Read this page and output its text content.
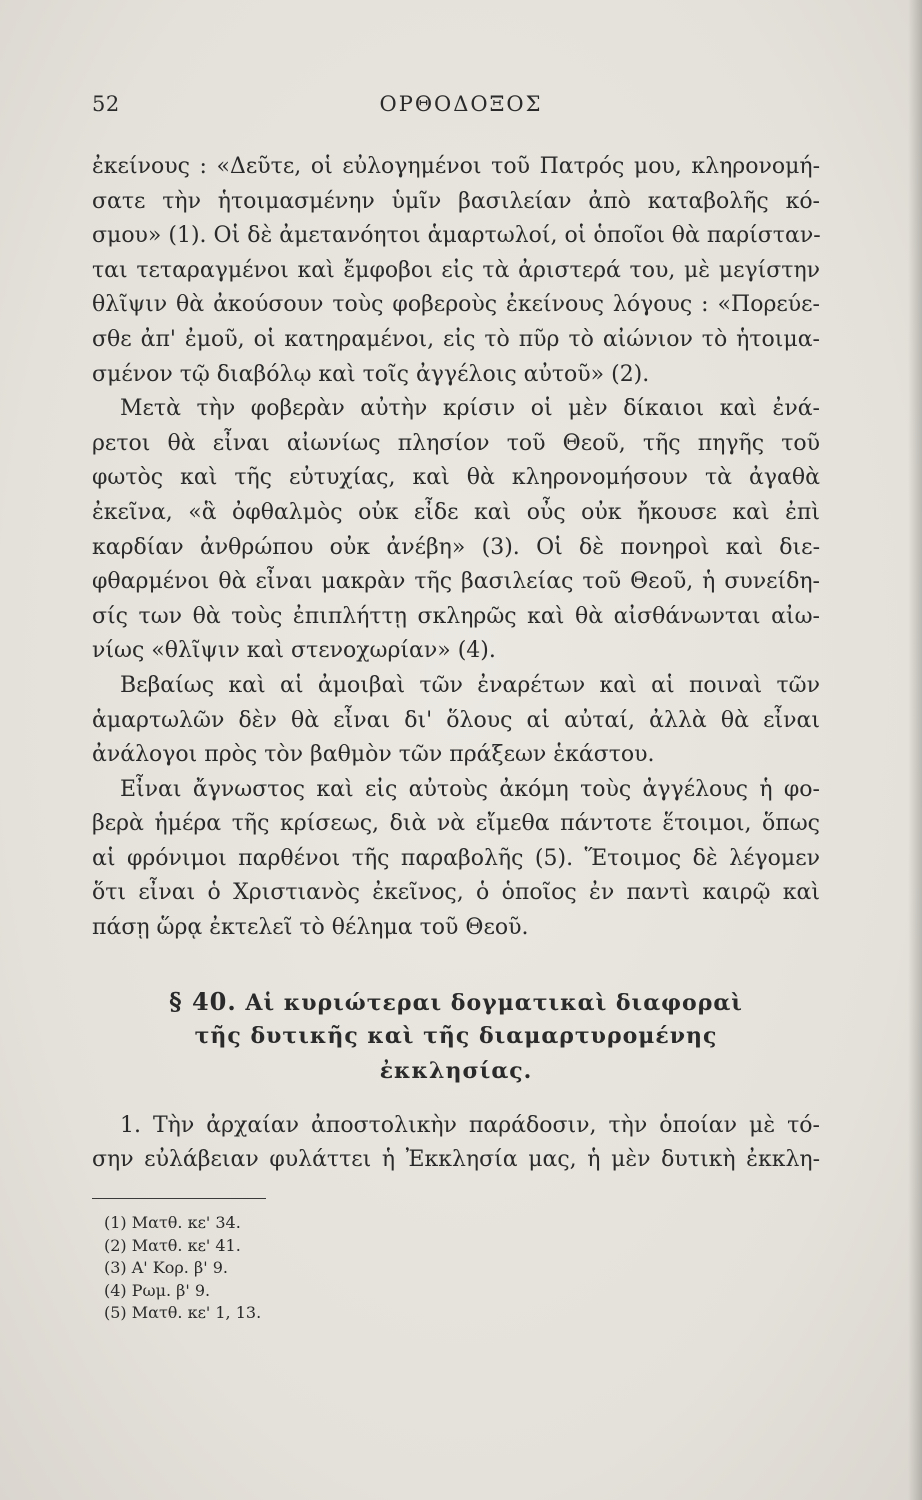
52	ΟΡΘΟΔΟΞΟΣ
ἐκείνους : «Δεῦτε, οἱ εὐλογημένοι τοῦ Πατρός μου, κληρονομή-
σατε τὴν ἡτοιμασμένην ὑμῖν βασιλείαν ἀπὸ καταβολῆς κό-
σμου» (1). Οἱ δὲ ἀμετανόητοι ἁμαρτωλοί, οἱ ὁποῖοι θὰ παρίσταν-
ται τεταραγμένοι καὶ ἔμφοβοι εἰς τὰ ἀριστερά του, μὲ μεγίστην
θλῖψιν θὰ ἀκούσουν τοὺς φοβεροὺς ἐκείνους λόγους : «Πορεύε-
σθε ἀπ' ἐμοῦ, οἱ κατηραμένοι, εἰς τὸ πῦρ τὸ αἰώνιον τὸ ἡτοιμα-
σμένον τῷ διαβόλῳ καὶ τοῖς ἀγγέλοις αὐτοῦ» (2).
Μετὰ τὴν φοβερὰν αὐτὴν κρίσιν οἱ μὲν δίκαιοι καὶ ἐνά-
ρετοι θὰ εἶναι αἰωνίως πλησίον τοῦ Θεοῦ, τῆς πηγῆς τοῦ
φωτὸς καὶ τῆς εὐτυχίας, καὶ θὰ κληρονομήσουν τὰ ἀγαθὰ
ἐκεῖνα, «ἃ ὀφθαλμὸς οὐκ εἶδε καὶ οὖς οὐκ ἤκουσε καὶ ἐπὶ
καρδίαν ἀνθρώπου οὐκ ἀνέβη» (3). Οἱ δὲ πονηροὶ καὶ διε-
φθαρμένοι θὰ εἶναι μακρὰν τῆς βασιλείας τοῦ Θεοῦ, ἡ συνείδη-
σίς των θὰ τοὺς ἐπιπλήττῃ σκληρῶς καὶ θὰ αἰσθάνωνται αἰω-
νίως «θλῖψιν καὶ στενοχωρίαν» (4).
Βεβαίως καὶ αἱ ἀμοιβαὶ τῶν ἐναρέτων καὶ αἱ ποιναὶ τῶν
ἁμαρτωλῶν δὲν θὰ εἶναι δι' ὅλους αἱ αὐταί, ἀλλὰ θὰ εἶναι
ἀνάλογοι πρὸς τὸν βαθμὸν τῶν πράξεων ἑκάστου.
Εἶναι ἄγνωστος καὶ εἰς αὐτοὺς ἀκόμη τοὺς ἀγγέλους ἡ φο-
βερὰ ἡμέρα τῆς κρίσεως, διὰ νὰ εἴμεθα πάντοτε ἕτοιμοι, ὅπως
αἱ φρόνιμοι παρθένοι τῆς παραβολῆς (5). Ἕτοιμος δὲ λέγομεν
ὅτι εἶναι ὁ Χριστιανὸς ἐκεῖνος, ὁ ὁποῖος ἐν παντὶ καιρῷ καὶ
πάσῃ ὥρᾳ ἐκτελεῖ τὸ θέλημα τοῦ Θεοῦ.
§ 40. Αἱ κυριώτεραι δογματικαὶ διαφοραὶ
τῆς δυτικῆς καὶ τῆς διαμαρτυρομένης
ἐκκλησίας.
1. Τὴν ἀρχαίαν ἀποστολικὴν παράδοσιν, τὴν ὁποίαν μὲ τό-
σην εὐλάβειαν φυλάττει ἡ Ἐκκλησία μας, ἡ μὲν δυτικὴ ἐκκλη-
(1) Ματθ. κε' 34.
(2) Ματθ. κε' 41.
(3) Α' Κορ. β' 9.
(4) Ρωμ. β' 9.
(5) Ματθ. κε' 1, 13.
